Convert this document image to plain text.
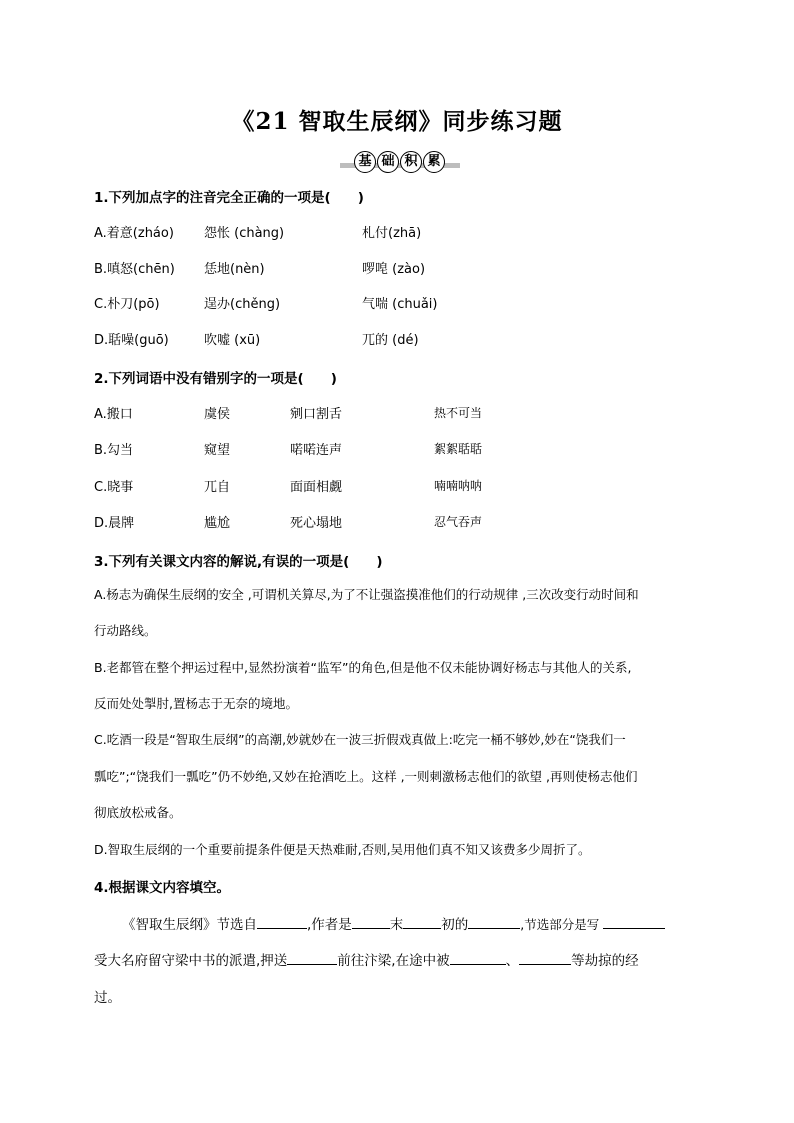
《21 智取生辰纲》同步练习题
基 础 积 累
1.下列加点字的注音完全正确的一项是(　　)
A.着意(zháo) 怨怅 (chàng)	札付(zhā)
B.嗔怒(chēn) 恁地(nèn)	啰唣 (zào)
C.朴刀(pō)	逞办(chěng)	气喘 (chuǎi)
D.聒噪(guō)	吹嘘 (xū)	兀的 (dé)
2.下列词语中没有错别字的一项是(　　)
A.搬口	虞侯	剜口割舌	热不可当
B.勾当	窥望	喏喏连声	絮絮聒聒
C.晓事	兀自	面面相觑	喃喃呐呐
D.晨牌	尴尬	死心塌地	忍气吞声
3.下列有关课文内容的解说,有误的一项是(　　)
A.杨志为确保生辰纲的安全 ,可谓机关算尽,为了不让强盗摸准他们的行动规律 ,三次改变行动时间和
行动路线。
B.老都管在整个押运过程中,显然扮演着“监军”的角色,但是他不仅未能协调好杨志与其他人的关系,
反而处处掣肘,置杨志于无奈的境地。
C.吃酒一段是“智取生辰纲”的高潮,妙就妙在一波三折假戏真做上:吃完一桶不够妙,妙在“饶我们一
瓢吃”;“饶我们一瓢吃”仍不妙绝,又妙在抢酒吃上。这样 ,一则刺激杨志他们的欲望 ,再则使杨志他们
彻底放松戒备。
D.智取生辰纲的一个重要前提条件便是天热难耐,否则,吴用他们真不知又该费多少周折了。
4.根据课文内容填空。
《智取生辰纲》节选自	,作者是	末	初的	,节选部分是写
受大名府留守梁中书的派遣,押送	前往汴梁,在途中被	、	等劫掠的经
过。
